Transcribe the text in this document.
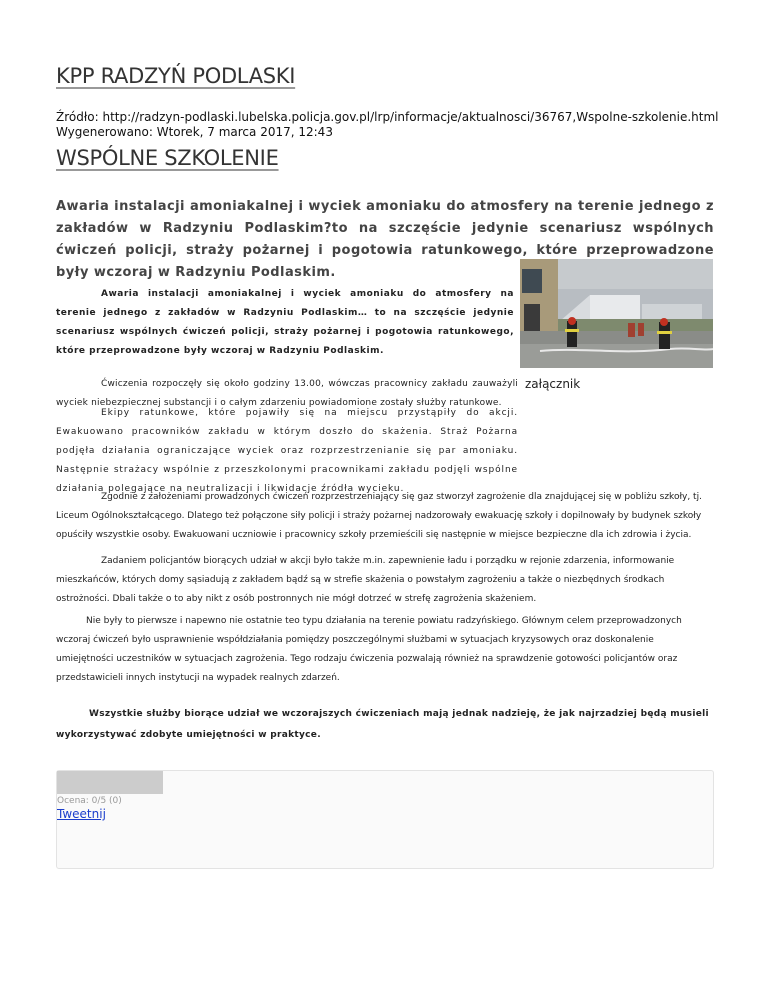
KPP RADZYŃ PODLASKI
Źródło: http://radzyn-podlaski.lubelska.policja.gov.pl/lrp/informacje/aktualnosci/36767,Wspolne-szkolenie.html
Wygenerowano: Wtorek, 7 marca 2017, 12:43
WSPÓLNE SZKOLENIE

Awaria instalacji amoniakalnej i wyciek amoniaku do atmosfery na terenie jednego z zakładów w Radzyniu Podlaskim?to na szczęście jedynie scenariusz wspólnych ćwiczeń policji, straży pożarnej i pogotowia ratunkowego, które przeprowadzone były wczoraj w Radzyniu Podlaskim.

załącznik

Awaria instalacji amoniakalnej i wyciek amoniaku do atmosfery na terenie jednego z zakładów w Radzyniu Podlaskim… to na szczęście jedynie scenariusz wspólnych ćwiczeń policji, straży pożarnej i pogotowia ratunkowego, które przeprowadzone były wczoraj w Radzyniu Podlaskim.

Ćwiczenia rozpoczęły się około godziny 13.00, wówczas pracownicy zakładu zauważyli wyciek niebezpiecznej substancji i o całym zdarzeniu powiadomione zostały służby ratunkowe.

Ekipy ratunkowe, które pojawiły się na miejscu przystąpiły do akcji. Ewakuowano pracowników zakładu w którym doszło do skażenia. Straż Pożarna podjęła działania ograniczające wyciek oraz rozprzestrzenianie się par amoniaku. Następnie strażacy wspólnie z przeszkolonymi pracownikami zakładu podjęli wspólne działania polegające na neutralizacji i likwidacje źródła wycieku.

Zgodnie z założeniami prowadzonych ćwiczeń rozprzestrzeniający się gaz stworzył zagrożenie dla znajdującej się w pobliżu szkoły, tj. Liceum Ogólnokształcącego. Dlatego też połączone siły policji i straży pożarnej nadzorowały ewakuację szkoły i dopilnowały by budynek szkoły opuściły wszystkie osoby. Ewakuowani uczniowie i pracownicy szkoły przemieścili się następnie w miejsce bezpieczne dla ich zdrowia i życia.

Zadaniem policjantów biorących udział w akcji było także m.in. zapewnienie ładu i porządku w rejonie zdarzenia, informowanie mieszkańców, których domy sąsiadują z zakładem bądź są w strefie skażenia o powstałym zagrożeniu a także o niezbędnych środkach ostrożności. Dbali także o to aby nikt z osób postronnych nie mógł dotrzeć w strefę zagrożenia skażeniem.

Nie były to pierwsze i napewno nie ostatnie teo typu działania na terenie powiatu radzyńskiego. Głównym celem przeprowadzonych wczoraj ćwiczeń było usprawnienie współdziałania pomiędzy poszczególnymi służbami w sytuacjach kryzysowych oraz doskonalenie umiejętności uczestników w sytuacjach zagrożenia. Tego rodzaju ćwiczenia pozwalają również na sprawdzenie gotowości policjantów oraz przedstawicieli innych instytucji na wypadek realnych zdarzeń.

Wszystkie służby biorące udział we wczorajszych ćwiczeniach mają jednak nadzieję, że jak najrzadziej będą musieli wykorzystywać zdobyte umiejętności w praktyce.

Ocena: 0/5 (0)
Tweetnij
